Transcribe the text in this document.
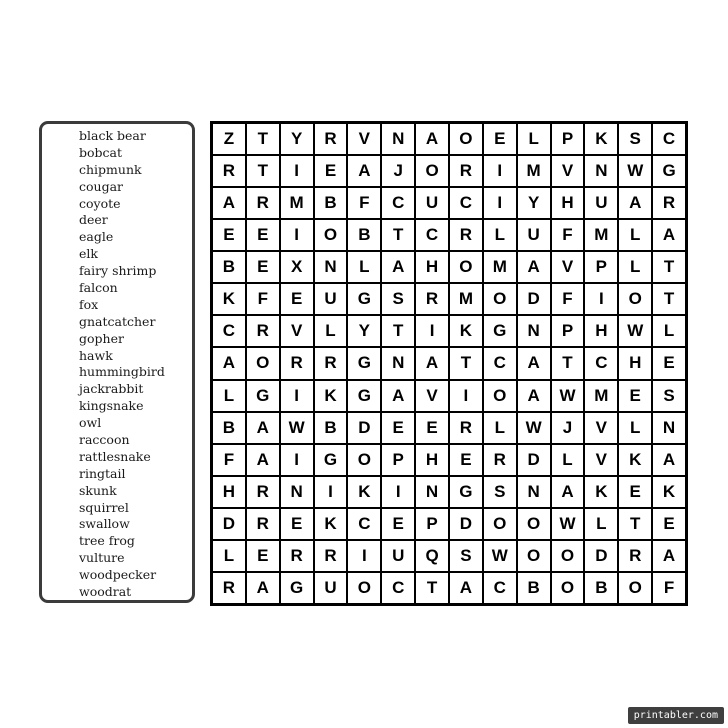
black bear
bobcat
chipmunk
cougar
coyote
deer
eagle
elk
fairy shrimp
falcon
fox
gnatcatcher
gopher
hawk
hummingbird
jackrabbit
kingsnake
owl
raccoon
rattlesnake
ringtail
skunk
squirrel
swallow
tree frog
vulture
woodpecker
woodrat
Z	T	Y	R	V	N	A	O	E	L	P	K	S	C
R	T	I	E	A	J	O	R	I	M	V	N	W	G
A	R	M	B	F	C	U	C	I	Y	H	U	A	R
E	E	I	O	B	T	C	R	L	U	F	M	L	A
B	E	X	N	L	A	H	O	M	A	V	P	L	T
K	F	E	U	G	S	R	M	O	D	F	I	O	T
C	R	V	L	Y	T	I	K	G	N	P	H	W	L
A	O	R	R	G	N	A	T	C	A	T	C	H	E
L	G	I	K	G	A	V	I	O	A	W	M	E	S
B	A	W	B	D	E	E	R	L	W	J	V	L	N
F	A	I	G	O	P	H	E	R	D	L	V	K	A
H	R	N	I	K	I	N	G	S	N	A	K	E	K
D	R	E	K	C	E	P	D	O	O	W	L	T	E
L	E	R	R	I	U	Q	S	W	O	O	D	R	A
R	A	G	U	O	C	T	A	C	B	O	B	O	F
printabler.com
